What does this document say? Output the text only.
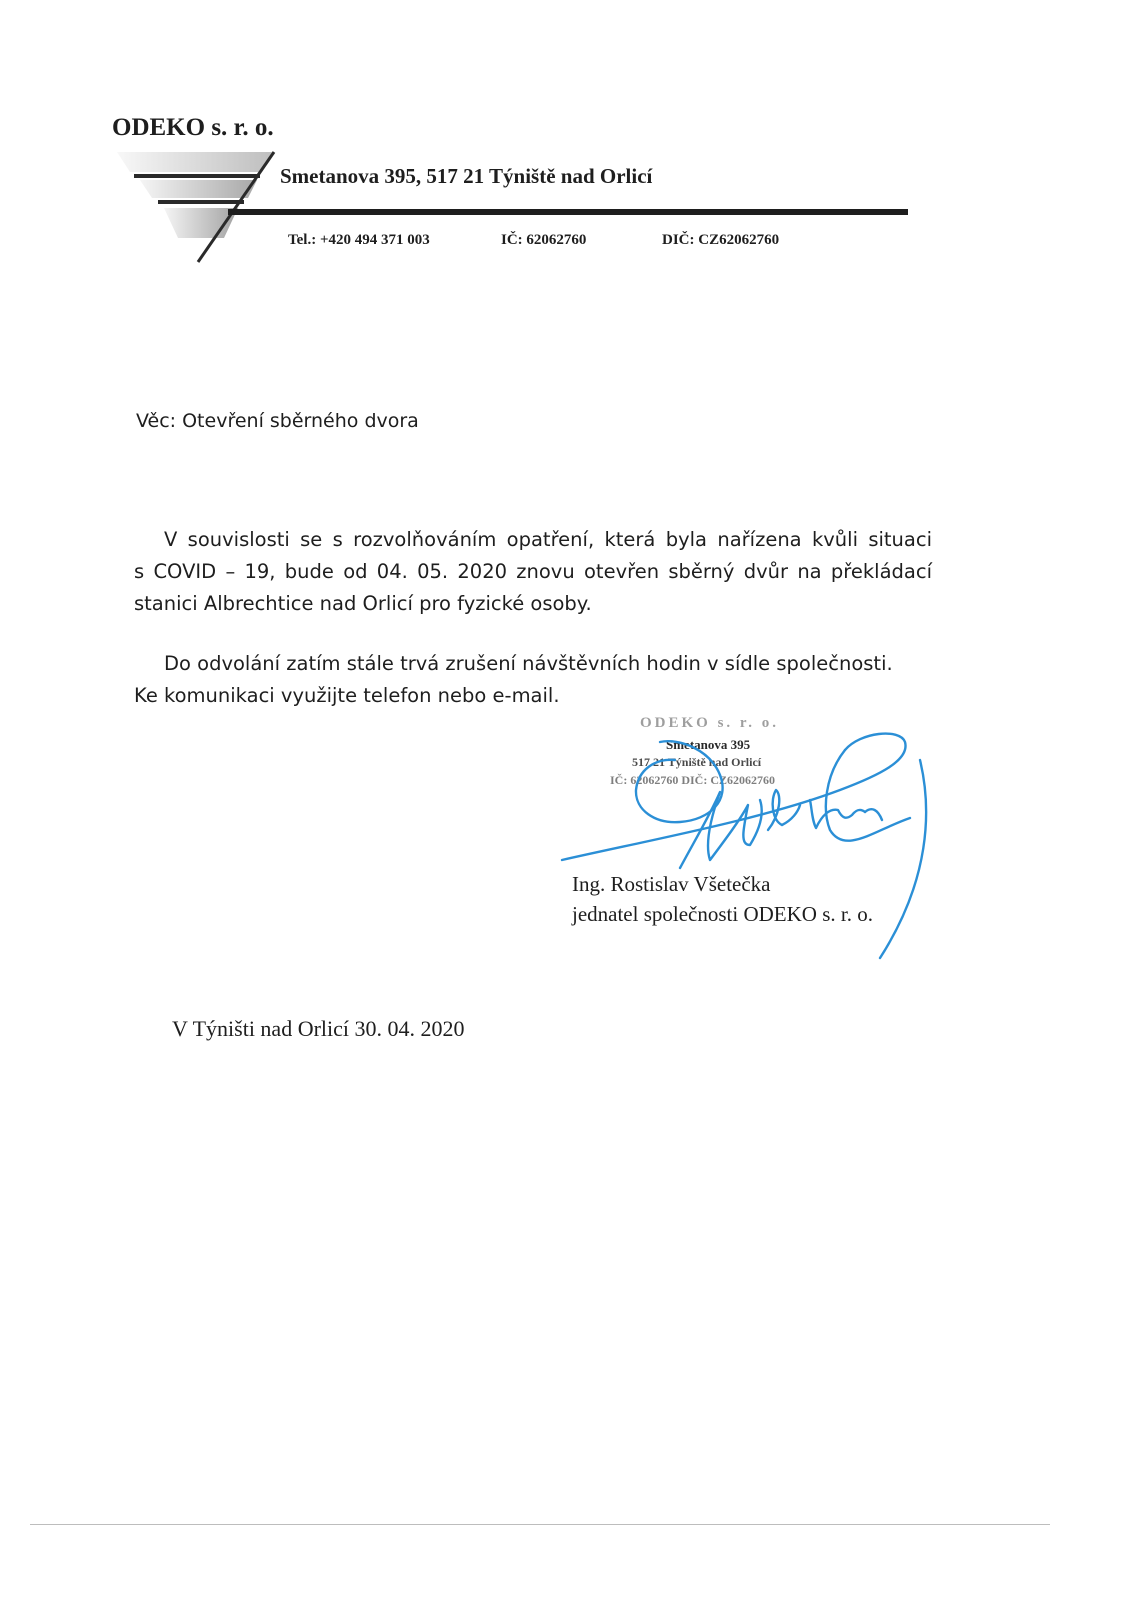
ODEKO s. r. o.
Smetanova 395, 517 21 Týniště nad Orlicí
Tel.: +420 494 371 003	IČ: 62062760	DIČ: CZ62062760
Věc: Otevření sběrného dvora
V souvislosti se s rozvolňováním opatření, která byla nařízena kvůli situaci
s COVID – 19, bude od 04. 05. 2020 znovu otevřen sběrný dvůr na překládací
stanici Albrechtice nad Orlicí pro fyzické osoby.
Do odvolání zatím stále trvá zrušení návštěvních hodin v sídle společnosti.
Ke komunikaci využijte telefon nebo e-mail.
ODEKO s. r. o.
Smetanova 395
517 21 Týniště nad Orlicí
IČ: 62062760 DIČ: CZ62062760
Ing. Rostislav Všetečka
jednatel společnosti ODEKO s. r. o.
V Týništi nad Orlicí 30. 04. 2020
